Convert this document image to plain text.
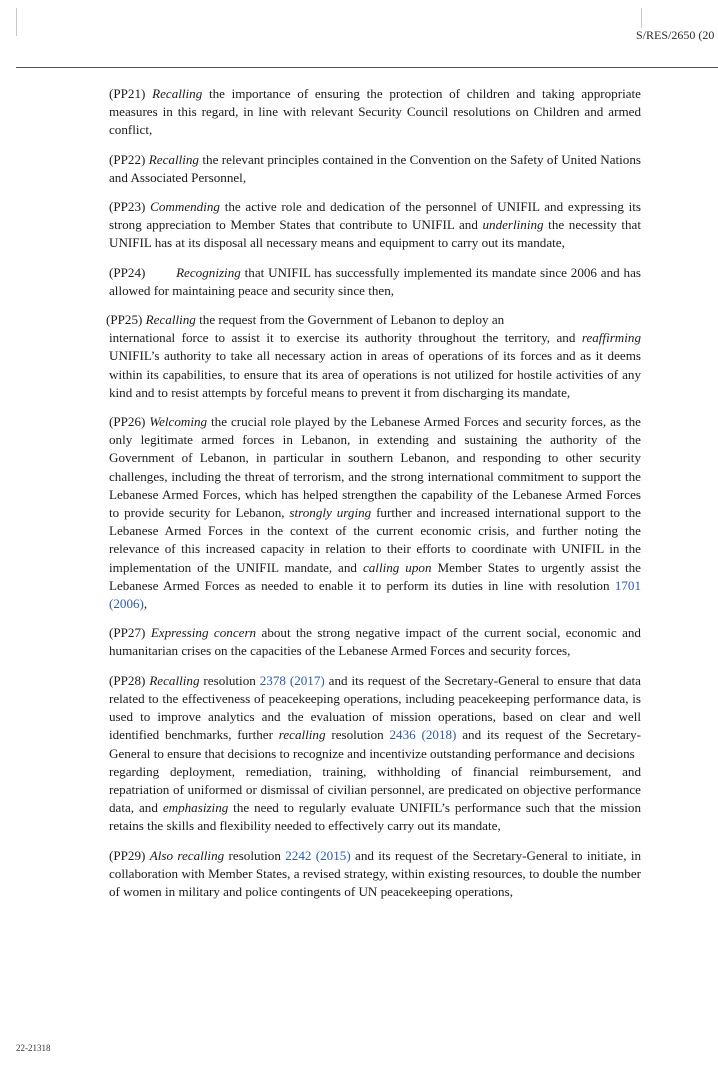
S/RES/2650 (20

(PP21) Recalling the importance of ensuring the protection of children and taking appropriate measures in this regard, in line with relevant Security Council resolutions on Children and armed conflict,

(PP22) Recalling the relevant principles contained in the Convention on the Safety of United Nations and Associated Personnel,

(PP23) Commending the active role and dedication of the personnel of UNIFIL and expressing its strong appreciation to Member States that contribute to UNIFIL and underlining the necessity that UNIFIL has at its disposal all necessary means and equipment to carry out its mandate,

(PP24) Recognizing that UNIFIL has successfully implemented its mandate since 2006 and has allowed for maintaining peace and security since then,

(PP25) Recalling the request from the Government of Lebanon to deploy an

international force to assist it to exercise its authority throughout the territory, and reaffirming UNIFIL’s authority to take all necessary action in areas of operations of its forces and as it deems within its capabilities, to ensure that its area of operations is not utilized for hostile activities of any kind and to resist attempts by forceful means to prevent it from discharging its mandate,

(PP26) Welcoming the crucial role played by the Lebanese Armed Forces and security forces, as the only legitimate armed forces in Lebanon, in extending and sustaining the authority of the Government of Lebanon, in particular in southern Lebanon, and responding to other security challenges, including the threat of terrorism, and the strong international commitment to support the Lebanese Armed Forces, which has helped strengthen the capability of the Lebanese Armed Forces to provide security for Lebanon, strongly urging further and increased international support to the Lebanese Armed Forces in the context of the current economic crisis, and further noting the relevance of this increased capacity in relation to their efforts to coordinate with UNIFIL in the implementation of the UNIFIL mandate, and calling upon Member States to urgently assist the Lebanese Armed Forces as needed to enable it to perform its duties in line with resolution 1701 (2006),

(PP27) Expressing concern about the strong negative impact of the current social, economic and humanitarian crises on the capacities of the Lebanese Armed Forces and security forces,

(PP28) Recalling resolution 2378 (2017) and its request of the Secretary-General to ensure that data related to the effectiveness of peacekeeping operations, including peacekeeping performance data, is used to improve analytics and the evaluation of mission operations, based on clear and well identified benchmarks, further recalling resolution 2436 (2018) and its request of the Secretary-General to ensure that decisions to recognize and incentivize outstanding performance and decisions

regarding deployment, remediation, training, withholding of financial reimbursement, and repatriation of uniformed or dismissal of civilian personnel, are predicated on objective performance data, and emphasizing the need to regularly evaluate UNIFIL’s performance such that the mission retains the skills and flexibility needed to effectively carry out its mandate,

(PP29) Also recalling resolution 2242 (2015) and its request of the Secretary-General to initiate, in collaboration with Member States, a revised strategy, within existing resources, to double the number of women in military and police contingents of UN peacekeeping operations,

22-21318
